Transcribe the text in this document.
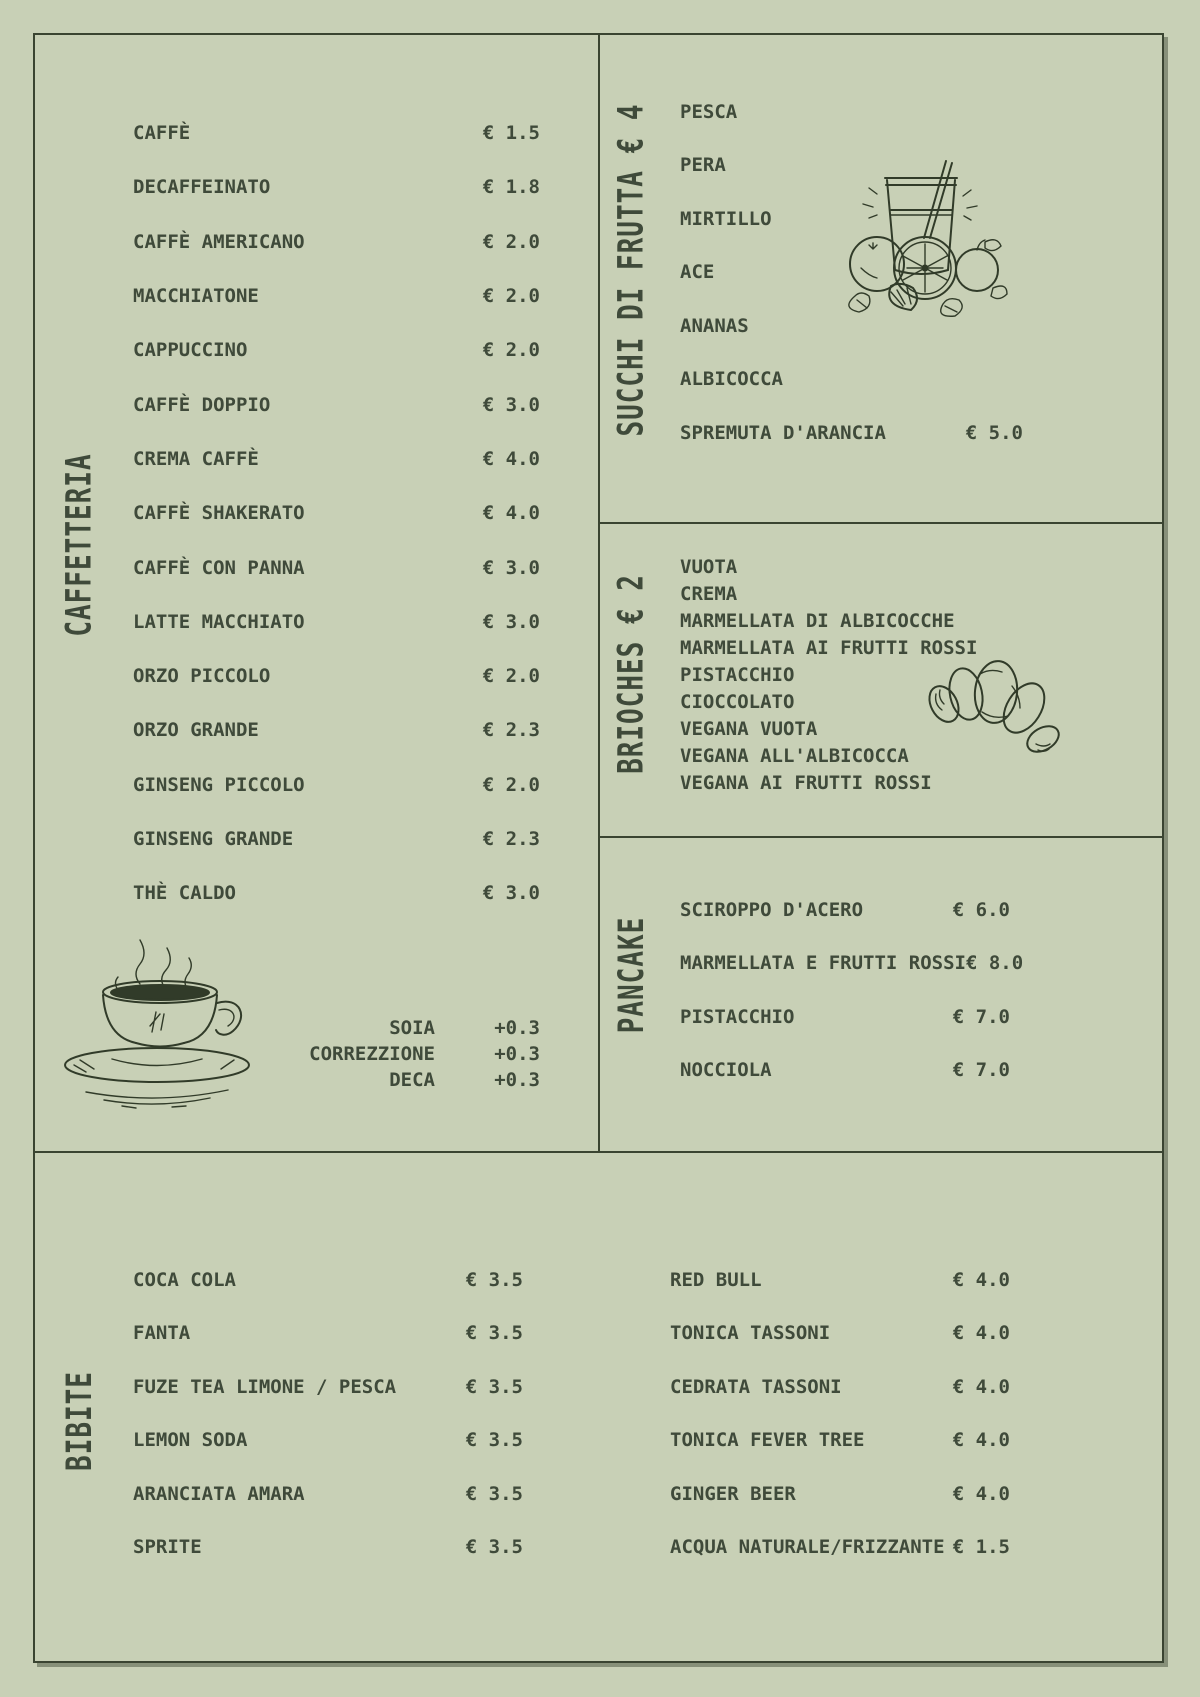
CAFFETTERIA
SUCCHI DI FRUTTA € 4
BRIOCHES € 2
PANCAKE
BIBITE
CAFFÈ	€ 1.5
DECAFFEINATO	€ 1.8
CAFFÈ AMERICANO	€ 2.0
MACCHIATONE	€ 2.0
CAPPUCCINO	€ 2.0
CAFFÈ DOPPIO	€ 3.0
CREMA CAFFÈ	€ 4.0
CAFFÈ SHAKERATO	€ 4.0
CAFFÈ CON PANNA	€ 3.0
LATTE MACCHIATO	€ 3.0
ORZO PICCOLO	€ 2.0
ORZO GRANDE	€ 2.3
GINSENG PICCOLO	€ 2.0
GINSENG GRANDE	€ 2.3
THÈ CALDO	€ 3.0
SOIA	+0.3
CORREZZIONE	+0.3
DECA	+0.3
PESCA
PERA
MIRTILLO
ACE
ANANAS
ALBICOCCA
SPREMUTA D'ARANCIA	€ 5.0
VUOTA
CREMA
MARMELLATA DI ALBICOCCHE
MARMELLATA AI FRUTTI ROSSI
PISTACCHIO
CIOCCOLATO
VEGANA VUOTA
VEGANA ALL'ALBICOCCA
VEGANA AI FRUTTI ROSSI
SCIROPPO D'ACERO	€ 6.0
MARMELLATA E FRUTTI ROSSI € 8.0
PISTACCHIO	€ 7.0
NOCCIOLA	€ 7.0
COCA COLA	€ 3.5
FANTA	€ 3.5
FUZE TEA LIMONE / PESCA	€ 3.5
LEMON SODA	€ 3.5
ARANCIATA AMARA	€ 3.5
SPRITE	€ 3.5
RED BULL	€ 4.0
TONICA TASSONI	€ 4.0
CEDRATA TASSONI	€ 4.0
TONICA FEVER TREE	€ 4.0
GINGER BEER	€ 4.0
ACQUA NATURALE/FRIZZANTE € 1.5
